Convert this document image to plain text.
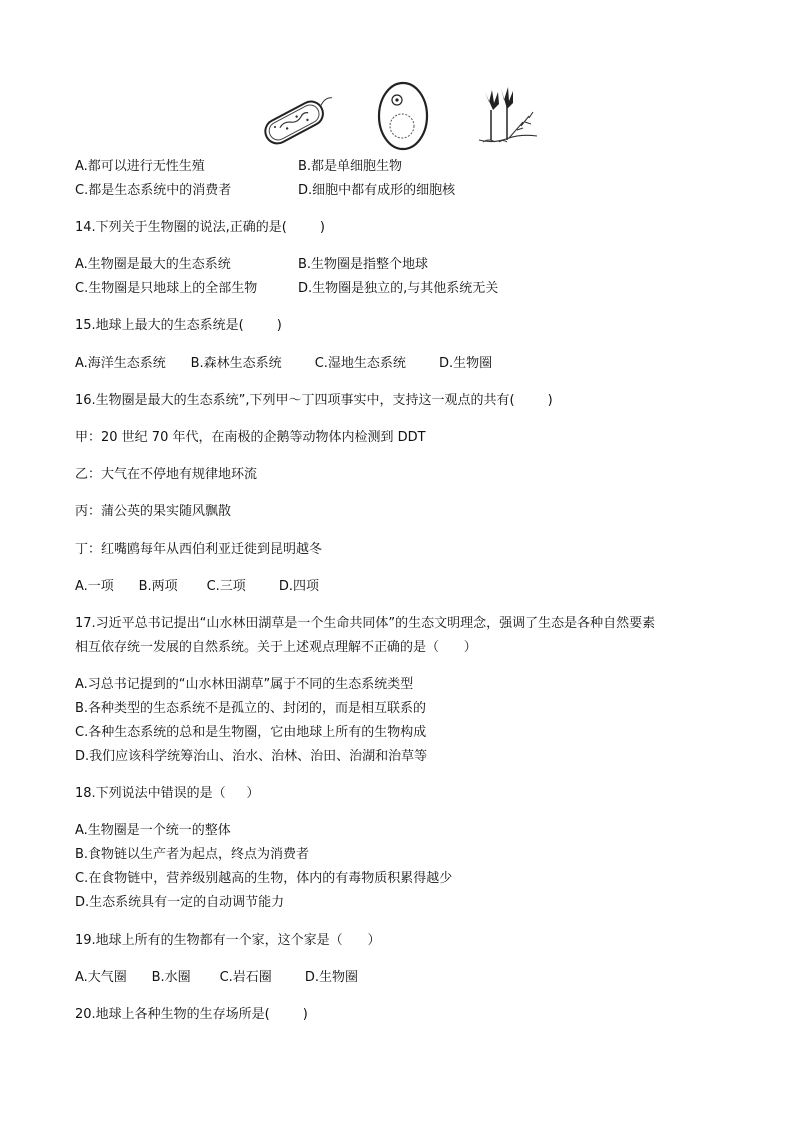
A.都可以进行无性生殖	B.都是单细胞生物
C.都是生态系统中的消费者	D.细胞中都有成形的细胞核
14.下列关于生物圈的说法,正确的是(        )
A.生物圈是最大的生态系统	B.生物圈是指整个地球
C.生物圈是只地球上的全部生物	D.生物圈是独立的,与其他系统无关
15.地球上最大的生态系统是(        )
A.海洋生态系统      B.森林生态系统        C.湿地生态系统        D.生物圈
16.生物圈是最大的生态系统”,下列甲～丁四项事实中，支持这一观点的共有(        )
甲：20 世纪 70 年代，在南极的企鹅等动物体内检测到 DDT
乙：大气在不停地有规律地环流
丙：蒲公英的果实随风飘散
丁：红嘴鸥每年从西伯利亚迁徙到昆明越冬
A.一项      B.两项       C.三项        D.四项
17.习近平总书记提出“山水林田湖草是一个生命共同体”的生态文明理念，强调了生态是各种自然要素
相互依存统一发展的自然系统。关于上述观点理解不正确的是（      ）
A.习总书记提到的“山水林田湖草”属于不同的生态系统类型
B.各种类型的生态系统不是孤立的、封闭的，而是相互联系的
C.各种生态系统的总和是生物圈，它由地球上所有的生物构成
D.我们应该科学统筹治山、治水、治林、治田、治湖和治草等
18.下列说法中错误的是（     ）
A.生物圈是一个统一的整体
B.食物链以生产者为起点，终点为消费者
C.在食物链中，营养级别越高的生物，体内的有毒物质积累得越少
D.生态系统具有一定的自动调节能力
19.地球上所有的生物都有一个家，这个家是（      ）
A.大气圈      B.水圈       C.岩石圈        D.生物圈
20.地球上各种生物的生存场所是(        )
